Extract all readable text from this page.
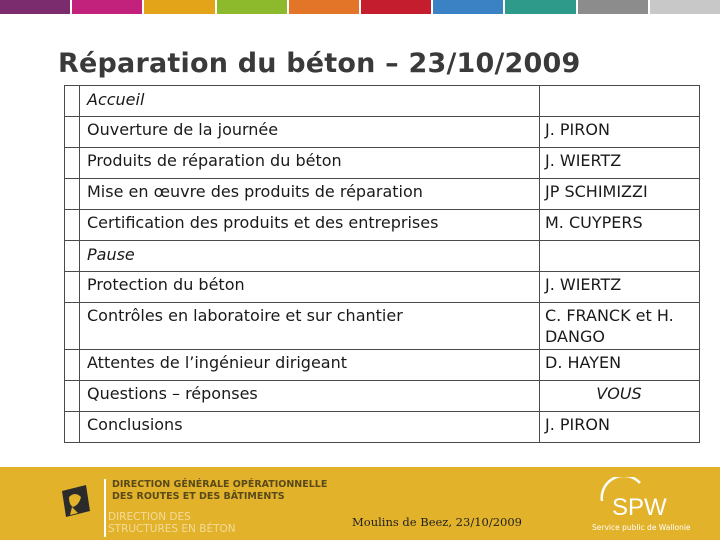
Réparation du béton – 23/10/2009
Accueil	
Ouverture de la journée	J. PIRON
Produits de réparation du béton	J. WIERTZ
Mise en œuvre des produits de réparation	JP SCHIMIZZI
Certification des produits et des entreprises	M. CUYPERS
Pause	
Protection du béton	J. WIERTZ
Contrôles en laboratoire et sur chantier	C. FRANCK et H. DANGO
Attentes de l’ingénieur dirigeant	D. HAYEN
Questions – réponses	VOUS
Conclusions	J. PIRON
DIRECTION GÉNÉRALE OPÉRATIONNELLE
DES ROUTES ET DES BÂTIMENTS
DIRECTION DES
STRUCTURES EN BÉTON	Moulins de Beez, 23/10/2009
SPW
Service public de Wallonie
